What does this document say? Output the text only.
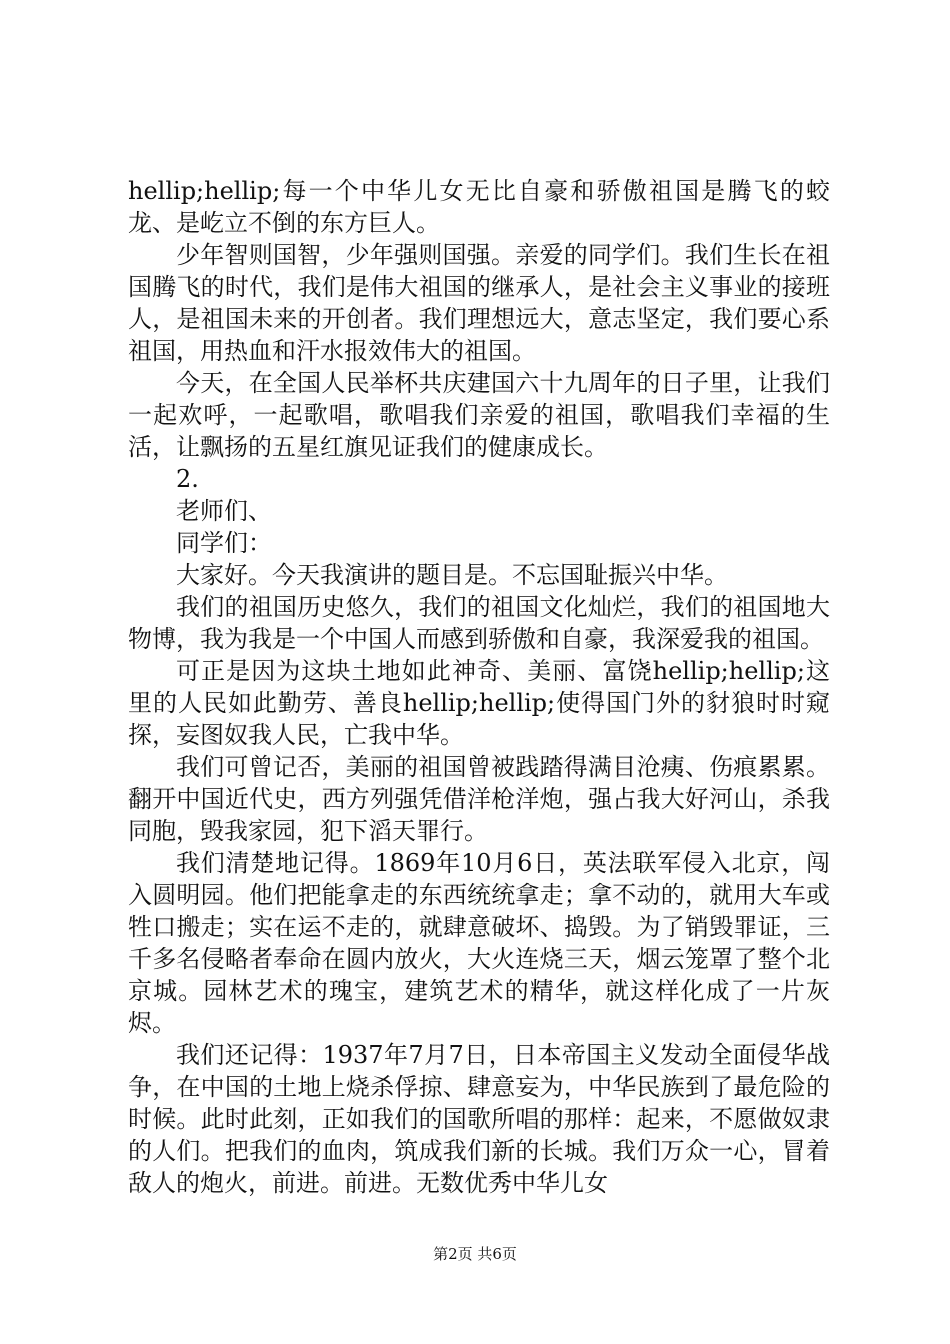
hellip;hellip;每一个中华儿女无比自豪和骄傲祖国是腾飞的蛟龙、是屹立不倒的东方巨人。

少年智则国智，少年强则国强。亲爱的同学们。我们生长在祖国腾飞的时代，我们是伟大祖国的继承人，是社会主义事业的接班人，是祖国未来的开创者。我们理想远大，意志坚定，我们要心系祖国，用热血和汗水报效伟大的祖国。

今天，在全国人民举杯共庆建国六十九周年的日子里，让我们一起欢呼，一起歌唱，歌唱我们亲爱的祖国，歌唱我们幸福的生活，让飘扬的五星红旗见证我们的健康成长。

2.

老师们、

同学们：

大家好。今天我演讲的题目是。不忘国耻振兴中华。

我们的祖国历史悠久，我们的祖国文化灿烂，我们的祖国地大物博，我为我是一个中国人而感到骄傲和自豪，我深爱我的祖国。

可正是因为这块土地如此神奇、美丽、富饶hellip;hellip;这里的人民如此勤劳、善良hellip;hellip;使得国门外的豺狼时时窥探，妄图奴我人民，亡我中华。

我们可曾记否，美丽的祖国曾被践踏得满目沧痍、伤痕累累。翻开中国近代史，西方列强凭借洋枪洋炮，强占我大好河山，杀我同胞，毁我家园，犯下滔天罪行。

我们清楚地记得。1869年10月6日，英法联军侵入北京，闯入圆明园。他们把能拿走的东西统统拿走；拿不动的，就用大车或牲口搬走；实在运不走的，就肆意破坏、捣毁。为了销毁罪证，三千多名侵略者奉命在圆内放火，大火连烧三天，烟云笼罩了整个北京城。园林艺术的瑰宝，建筑艺术的精华，就这样化成了一片灰烬。

我们还记得：1937年7月7日，日本帝国主义发动全面侵华战争，在中国的土地上烧杀俘掠、肆意妄为，中华民族到了最危险的时候。此时此刻，正如我们的国歌所唱的那样：起来，不愿做奴隶的人们。把我们的血肉，筑成我们新的长城。我们万众一心，冒着敌人的炮火，前进。前进。无数优秀中华儿女

第2页 共6页
